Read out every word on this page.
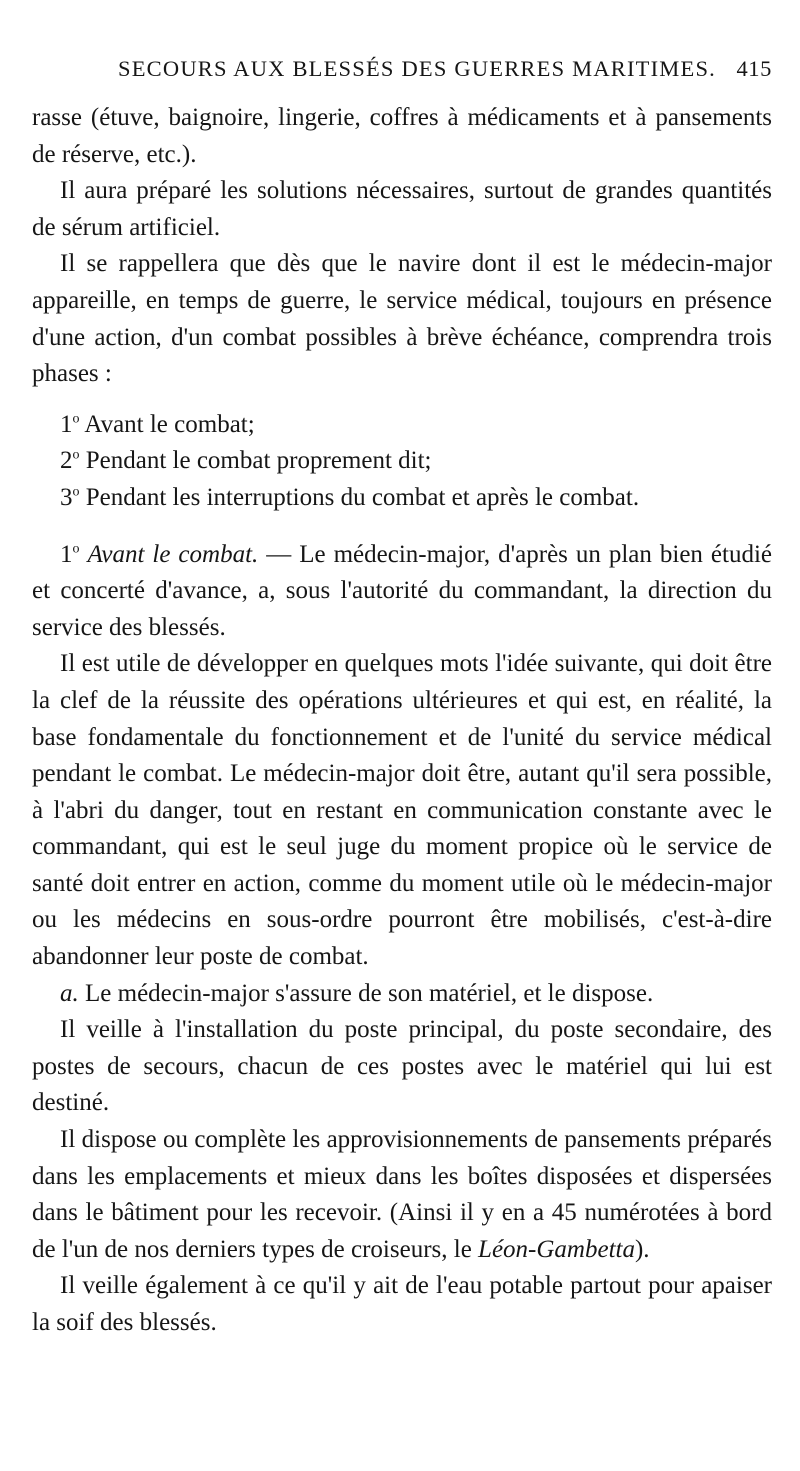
SECOURS AUX BLESSÉS DES GUERRES MARITIMES. 415

rasse (étuve, baignoire, lingerie, coffres à médicaments et à pansements de réserve, etc.).

Il aura préparé les solutions nécessaires, surtout de grandes quantités de sérum artificiel.

Il se rappellera que dès que le navire dont il est le médecin-major appareille, en temps de guerre, le service médical, toujours en présence d'une action, d'un combat possibles à brève échéance, comprendra trois phases :

1$^o$ Avant le combat;

2$^o$ Pendant le combat proprement dit;

3$^o$ Pendant les interruptions du combat et après le combat.

1$^o$ Avant le combat. — Le médecin-major, d'après un plan bien étudié et concerté d'avance, a, sous l'autorité du commandant, la direction du service des blessés.

Il est utile de développer en quelques mots l'idée suivante, qui doit être la clef de la réussite des opérations ultérieures et qui est, en réalité, la base fondamentale du fonctionnement et de l'unité du service médical pendant le combat. Le médecin-major doit être, autant qu'il sera possible, à l'abri du danger, tout en restant en communication constante avec le commandant, qui est le seul juge du moment propice où le service de santé doit entrer en action, comme du moment utile où le médecin-major ou les médecins en sous-ordre pourront être mobilisés, c'est-à-dire abandonner leur poste de combat.

a. Le médecin-major s'assure de son matériel, et le dispose.

Il veille à l'installation du poste principal, du poste secondaire, des postes de secours, chacun de ces postes avec le matériel qui lui est destiné.

Il dispose ou complète les approvisionnements de pansements préparés dans les emplacements et mieux dans les boîtes disposées et dispersées dans le bâtiment pour les recevoir. (Ainsi il y en a 45 numérotées à bord de l'un de nos derniers types de croiseurs, le Léon-Gambetta).

Il veille également à ce qu'il y ait de l'eau potable partout pour apaiser la soif des blessés.
